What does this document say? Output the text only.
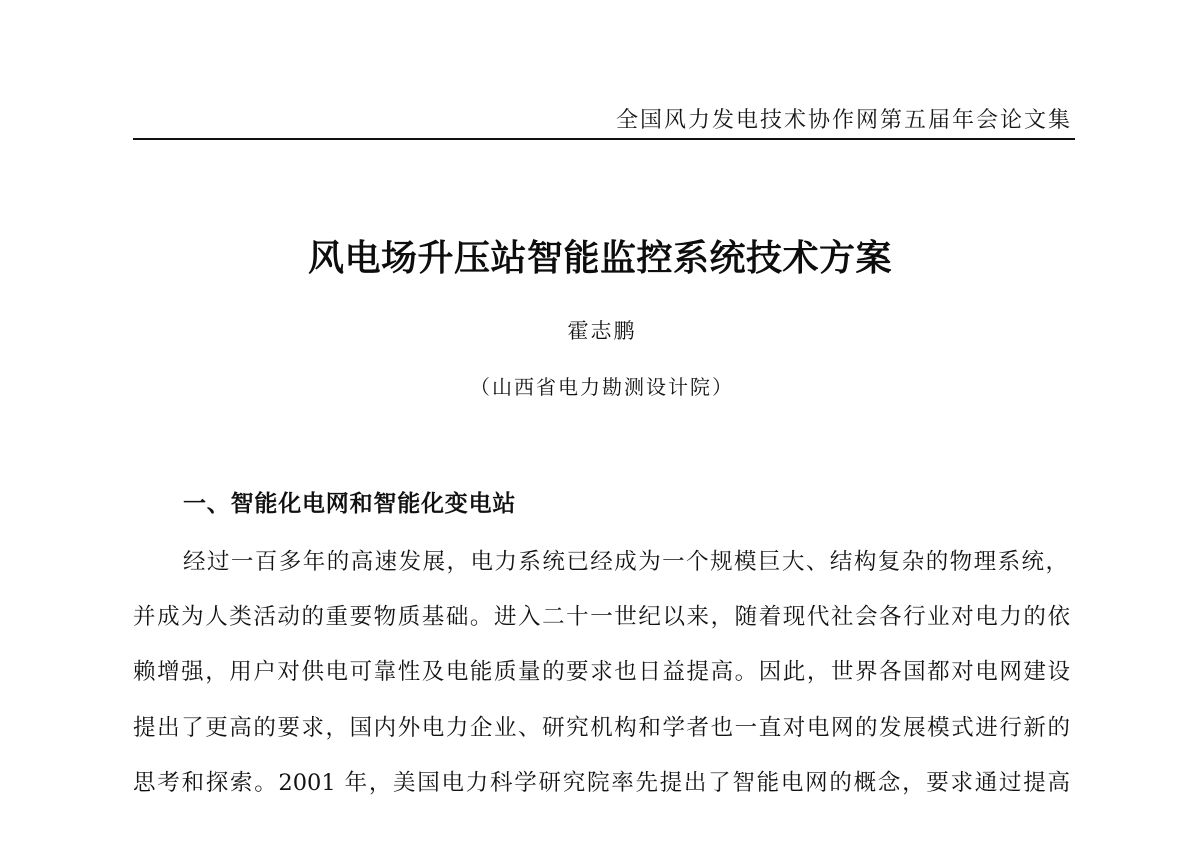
全国风力发电技术协作网第五届年会论文集
风电场升压站智能监控系统技术方案
霍志鹏
（山西省电力勘测设计院）
一、智能化电网和智能化变电站
经过一百多年的高速发展，电力系统已经成为一个规模巨大、结构复杂的物理系统，
并成为人类活动的重要物质基础。进入二十一世纪以来，随着现代社会各行业对电力的依
赖增强，用户对供电可靠性及电能质量的要求也日益提高。因此，世界各国都对电网建设
提出了更高的要求，国内外电力企业、研究机构和学者也一直对电网的发展模式进行新的
思考和探索。2001 年，美国电力科学研究院率先提出了智能电网的概念，要求通过提高
